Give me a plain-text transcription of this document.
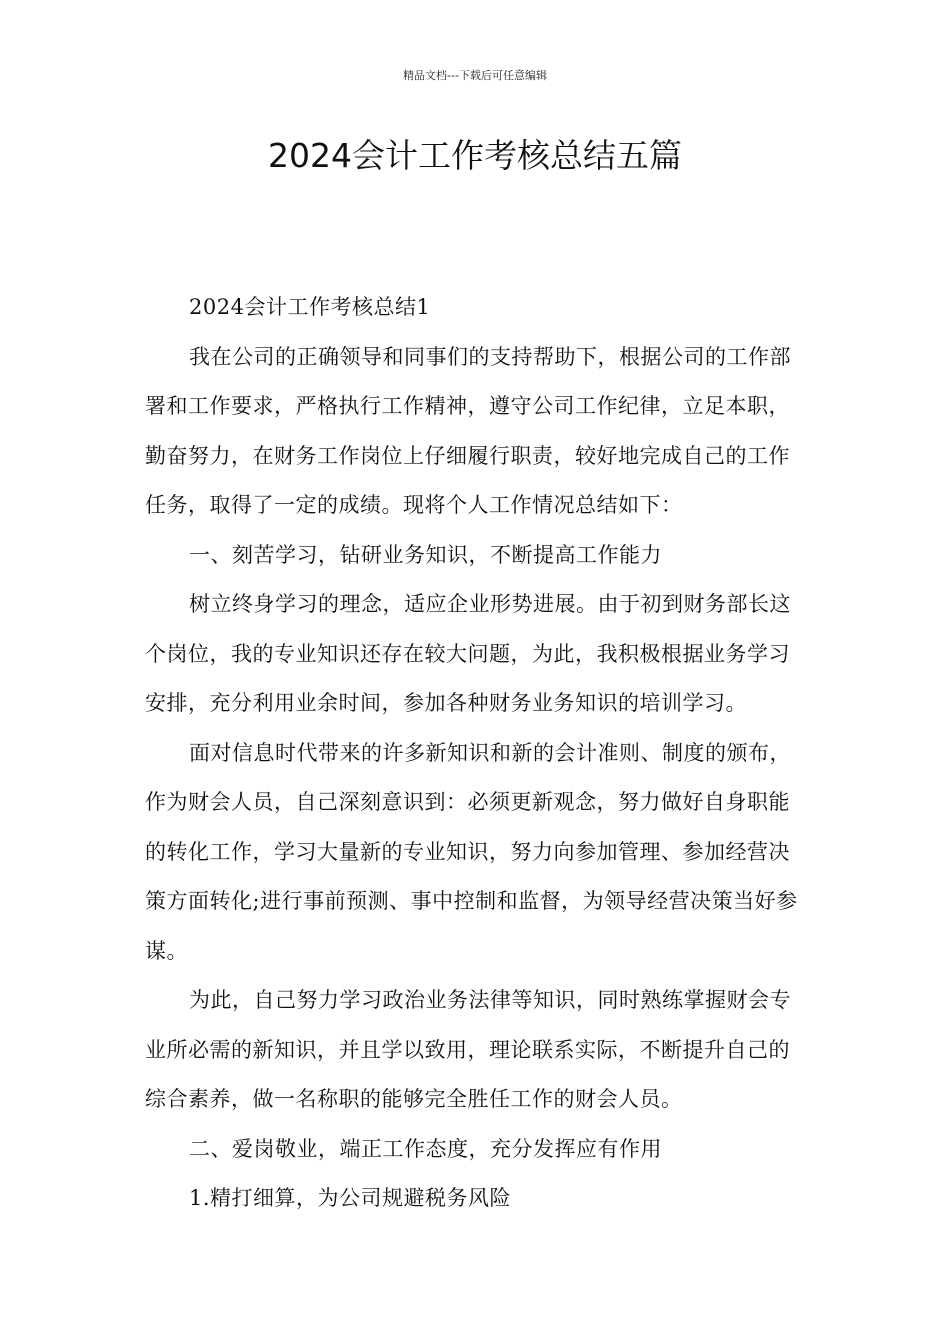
精品文档---下载后可任意编辑
2024会计工作考核总结五篇

2024会计工作考核总结1

我在公司的正确领导和同事们的支持帮助下，根据公司的工作部署和工作要求，严格执行工作精神，遵守公司工作纪律，立足本职，勤奋努力，在财务工作岗位上仔细履行职责，较好地完成自己的工作任务，取得了一定的成绩。现将个人工作情况总结如下：

一、刻苦学习，钻研业务知识，不断提高工作能力

树立终身学习的理念，适应企业形势进展。由于初到财务部长这个岗位，我的专业知识还存在较大问题，为此，我积极根据业务学习安排，充分利用业余时间，参加各种财务业务知识的培训学习。

面对信息时代带来的许多新知识和新的会计准则、制度的颁布，作为财会人员，自己深刻意识到：必须更新观念，努力做好自身职能的转化工作，学习大量新的专业知识，努力向参加管理、参加经营决策方面转化;进行事前预测、事中控制和监督，为领导经营决策当好参谋。

为此，自己努力学习政治业务法律等知识，同时熟练掌握财会专业所必需的新知识，并且学以致用，理论联系实际，不断提升自己的综合素养，做一名称职的能够完全胜任工作的财会人员。

二、爱岗敬业，端正工作态度，充分发挥应有作用

1.精打细算，为公司规避税务风险
